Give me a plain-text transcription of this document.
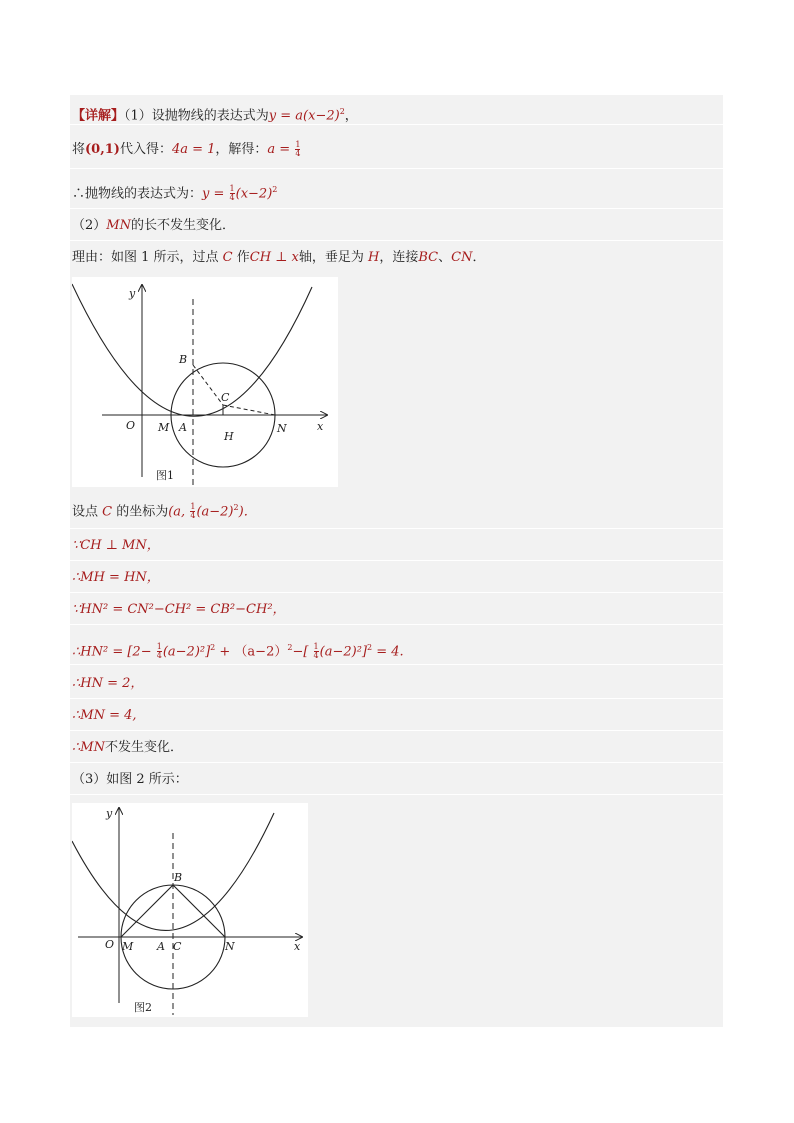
【详解】（1）设抛物线的表达式为$y = a(x-2)^2$，
将(0,1)代入得：4a = 1，解得：$a = \frac{1}{4}$
∴抛物线的表达式为：$y = \frac{1}{4} (x-2)^2$
（2）MN的长不发生变化．
理由：如图 1 所示，过点 C 作CH ⊥ x轴，垂足为 H，连接BC、CN．
y
x
O M A
H
N
B
C
图1
设点 C 的坐标为(a, $\frac{1}{4} (a-2)^2$)．
∵CH ⊥ MN，
∴MH = HN，
∵HN² = CN²−CH² = CB²−CH²，
∴HN² = $[2- \frac{1}{4} (a-2)^2]^2 + (a-2)^2-[ \frac{1}{4} (a-2)^2]^2 = 4$.
∴HN = 2，
∴MN = 4,
∴MN不发生变化．
（3）如图 2 所示：
y
x
O M A C	N
B
图2
